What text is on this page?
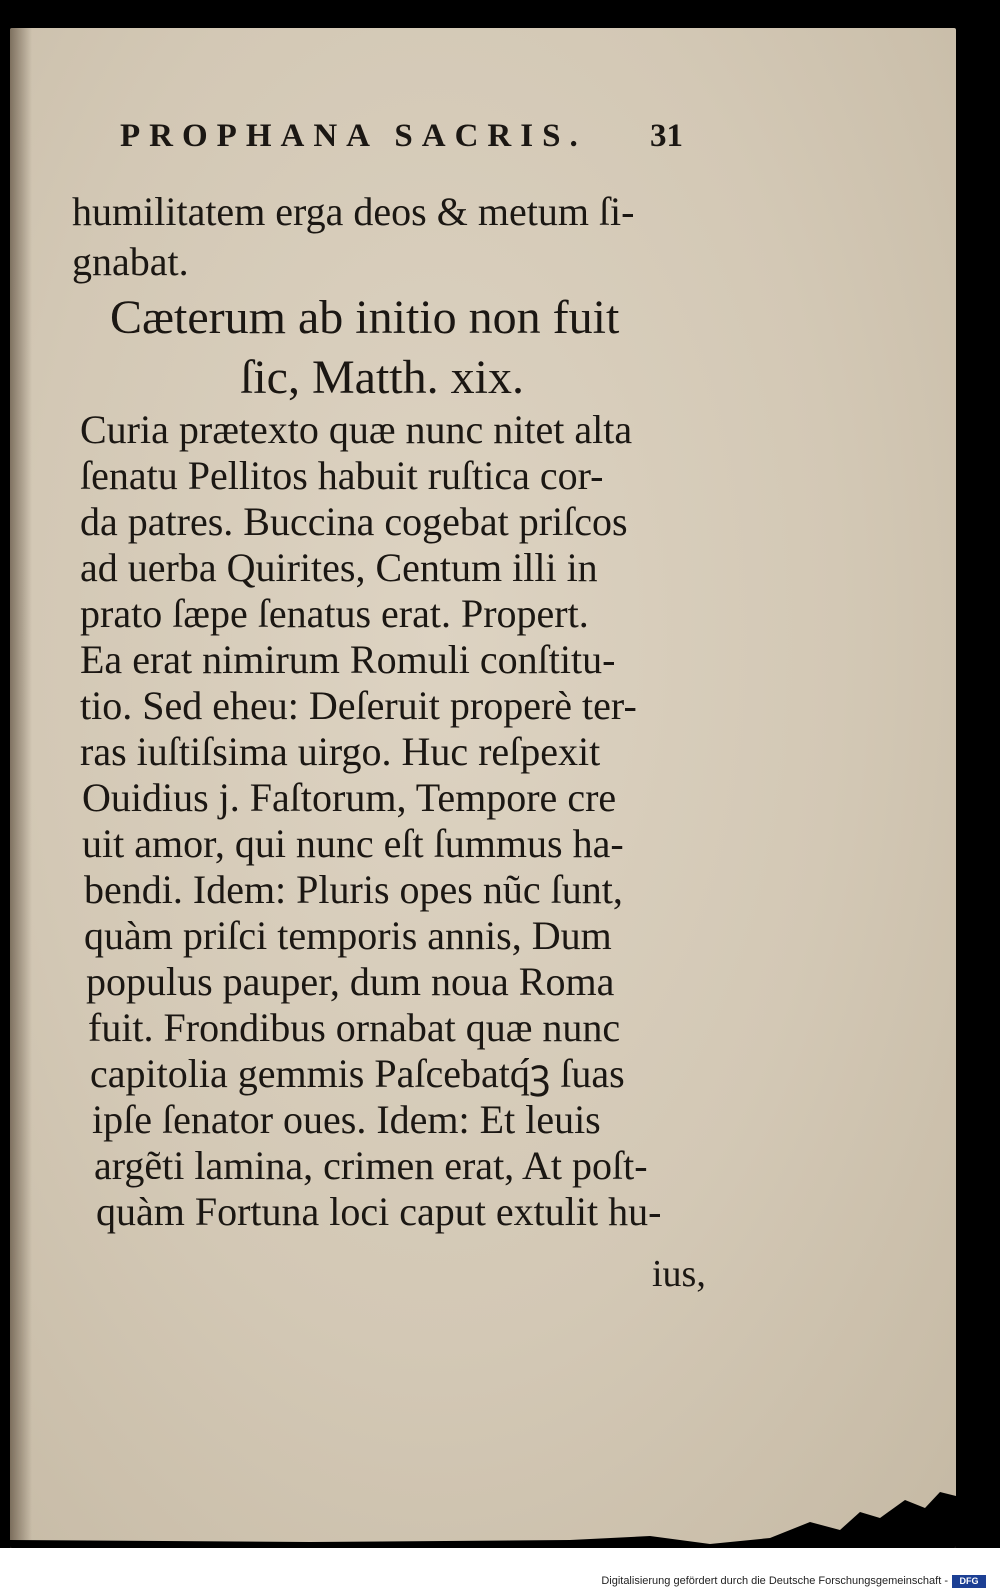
PROPHANA SACRIS. 31
humilitatem erga deos & metum ſi-
gnabat.
Cæterum ab initio non fuit
ſic, Matth. xix.
Curia prætexto quæ nunc nitet alta
ſenatu Pellitos habuit ruſtica cor-
da patres. Buccina cogebat priſcos
ad uerba Quirites, Centum illi in
prato ſæpe ſenatus erat. Propert.
Ea erat nimirum Romuli conſtitu-
tio. Sed eheu: Deſeruit properè ter-
ras iuſtiſsima uirgo. Huc reſpexit
Ouidius j. Faſtorum, Tempore cre
uit amor, qui nunc eſt ſummus ha-
bendi. Idem: Pluris opes nũc ſunt,
quàm priſci temporis annis, Dum
populus pauper, dum noua Roma
fuit. Frondibus ornabat quæ nunc
capitolia gemmis Paſcebatq́ꝫ ſuas
ipſe ſenator oues. Idem: Et leuis
argẽti lamina, crimen erat, At poſt-
quàm Fortuna loci caput extulit hu-
ius,
Digitalisierung gefördert durch die Deutsche Forschungsgemeinschaft -	DFG
